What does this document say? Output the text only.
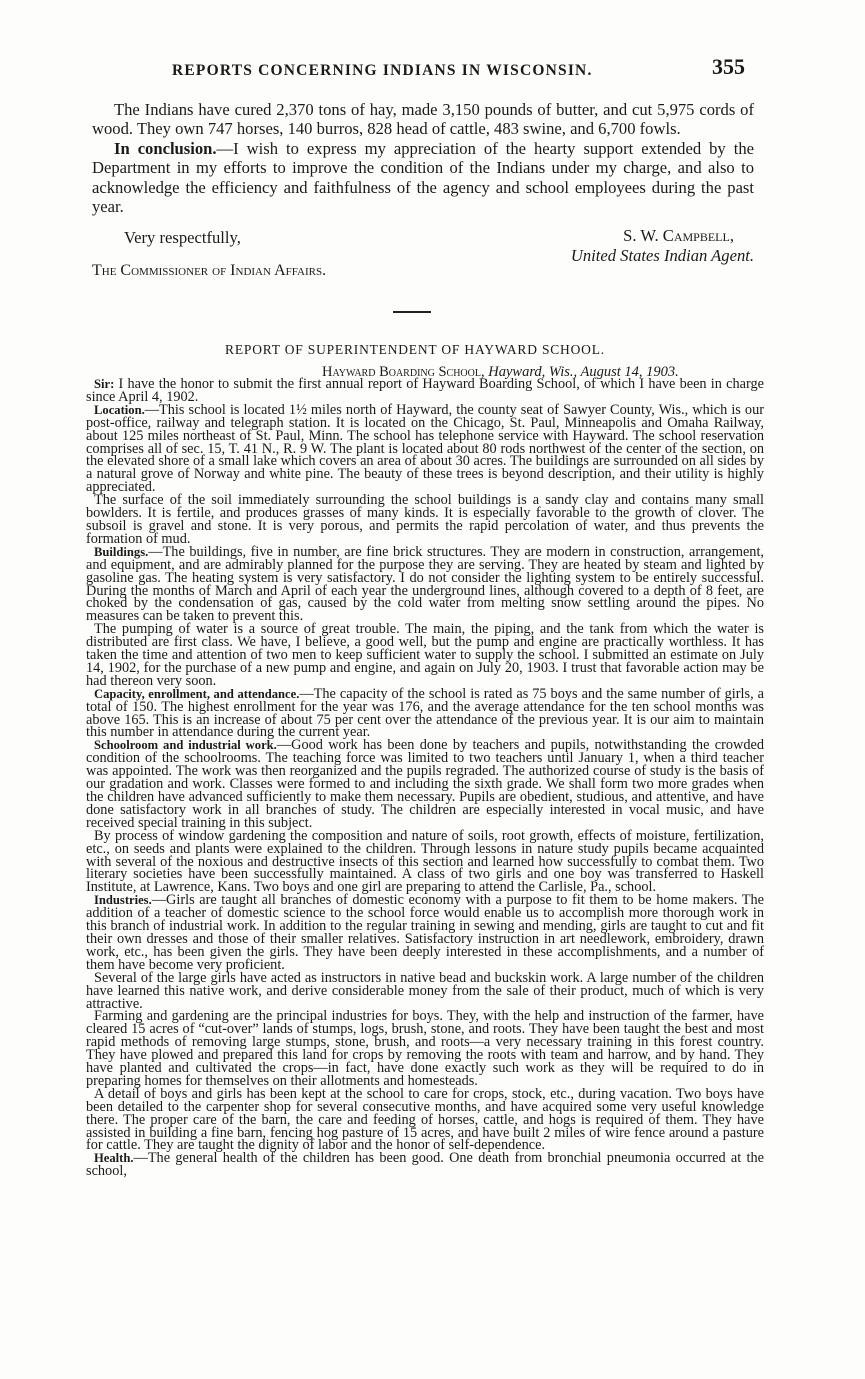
REPORTS CONCERNING INDIANS IN WISCONSIN.	355

The Indians have cured 2,370 tons of hay, made 3,150 pounds of butter, and cut 5,975 cords of wood. They own 747 horses, 140 burros, 828 head of cattle, 483 swine, and 6,700 fowls.

In conclusion.—I wish to express my appreciation of the hearty support extended by the Department in my efforts to improve the condition of the Indians under my charge, and also to acknowledge the efficiency and faithfulness of the agency and school employees during the past year.

Very respectfully,	S. W. Campbell,
United States Indian Agent.
The Commissioner of Indian Affairs.
REPORT OF SUPERINTENDENT OF HAYWARD SCHOOL.
Hayward Boarding School, Hayward, Wis., August 14, 1903.

Sir: I have the honor to submit the first annual report of Hayward Boarding School, of which I have been in charge since April 4, 1902.

Location.—This school is located 1½ miles north of Hayward, the county seat of Sawyer County, Wis., which is our post-office, railway and telegraph station. It is located on the Chicago, St. Paul, Minneapolis and Omaha Railway, about 125 miles northeast of St. Paul, Minn. The school has telephone service with Hayward. The school reservation comprises all of sec. 15, T. 41 N., R. 9 W. The plant is located about 80 rods northwest of the center of the section, on the elevated shore of a small lake which covers an area of about 30 acres. The buildings are surrounded on all sides by a natural grove of Norway and white pine. The beauty of these trees is beyond description, and their utility is highly appreciated.

The surface of the soil immediately surrounding the school buildings is a sandy clay and contains many small bowlders. It is fertile, and produces grasses of many kinds. It is especially favorable to the growth of clover. The subsoil is gravel and stone. It is very porous, and permits the rapid percolation of water, and thus prevents the formation of mud.

Buildings.—The buildings, five in number, are fine brick structures. They are modern in construction, arrangement, and equipment, and are admirably planned for the purpose they are serving. They are heated by steam and lighted by gasoline gas. The heating system is very satisfactory. I do not consider the lighting system to be entirely successful. During the months of March and April of each year the underground lines, although covered to a depth of 8 feet, are choked by the condensation of gas, caused by the cold water from melting snow settling around the pipes. No measures can be taken to prevent this.

The pumping of water is a source of great trouble. The main, the piping, and the tank from which the water is distributed are first class. We have, I believe, a good well, but the pump and engine are practically worthless. It has taken the time and attention of two men to keep sufficient water to supply the school. I submitted an estimate on July 14, 1902, for the purchase of a new pump and engine, and again on July 20, 1903. I trust that favorable action may be had thereon very soon.

Capacity, enrollment, and attendance.—The capacity of the school is rated as 75 boys and the same number of girls, a total of 150. The highest enrollment for the year was 176, and the average attendance for the ten school months was above 165. This is an increase of about 75 per cent over the attendance of the previous year. It is our aim to maintain this number in attendance during the current year.

Schoolroom and industrial work.—Good work has been done by teachers and pupils, notwithstanding the crowded condition of the schoolrooms. The teaching force was limited to two teachers until January 1, when a third teacher was appointed. The work was then reorganized and the pupils regraded. The authorized course of study is the basis of our gradation and work. Classes were formed to and including the sixth grade. We shall form two more grades when the children have advanced sufficiently to make them necessary. Pupils are obedient, studious, and attentive, and have done satisfactory work in all branches of study. The children are especially interested in vocal music, and have received special training in this subject.

By process of window gardening the composition and nature of soils, root growth, effects of moisture, fertilization, etc., on seeds and plants were explained to the children. Through lessons in nature study pupils became acquainted with several of the noxious and destructive insects of this section and learned how successfully to combat them. Two literary societies have been successfully maintained. A class of two girls and one boy was transferred to Haskell Institute, at Lawrence, Kans. Two boys and one girl are preparing to attend the Carlisle, Pa., school.

Industries.—Girls are taught all branches of domestic economy with a purpose to fit them to be home makers. The addition of a teacher of domestic science to the school force would enable us to accomplish more thorough work in this branch of industrial work. In addition to the regular training in sewing and mending, girls are taught to cut and fit their own dresses and those of their smaller relatives. Satisfactory instruction in art needlework, embroidery, drawn work, etc., has been given the girls. They have been deeply interested in these accomplishments, and a number of them have become very proficient.

Several of the large girls have acted as instructors in native bead and buckskin work. A large number of the children have learned this native work, and derive considerable money from the sale of their product, much of which is very attractive.

Farming and gardening are the principal industries for boys. They, with the help and instruction of the farmer, have cleared 15 acres of “cut-over” lands of stumps, logs, brush, stone, and roots. They have been taught the best and most rapid methods of removing large stumps, stone, brush, and roots—a very necessary training in this forest country. They have plowed and prepared this land for crops by removing the roots with team and harrow, and by hand. They have planted and cultivated the crops—in fact, have done exactly such work as they will be required to do in preparing homes for themselves on their allotments and homesteads.

A detail of boys and girls has been kept at the school to care for crops, stock, etc., during vacation. Two boys have been detailed to the carpenter shop for several consecutive months, and have acquired some very useful knowledge there. The proper care of the barn, the care and feeding of horses, cattle, and hogs is required of them. They have assisted in building a fine barn, fencing hog pasture of 15 acres, and have built 2 miles of wire fence around a pasture for cattle. They are taught the dignity of labor and the honor of self-dependence.

Health.—The general health of the children has been good. One death from bronchial pneumonia occurred at the school,
